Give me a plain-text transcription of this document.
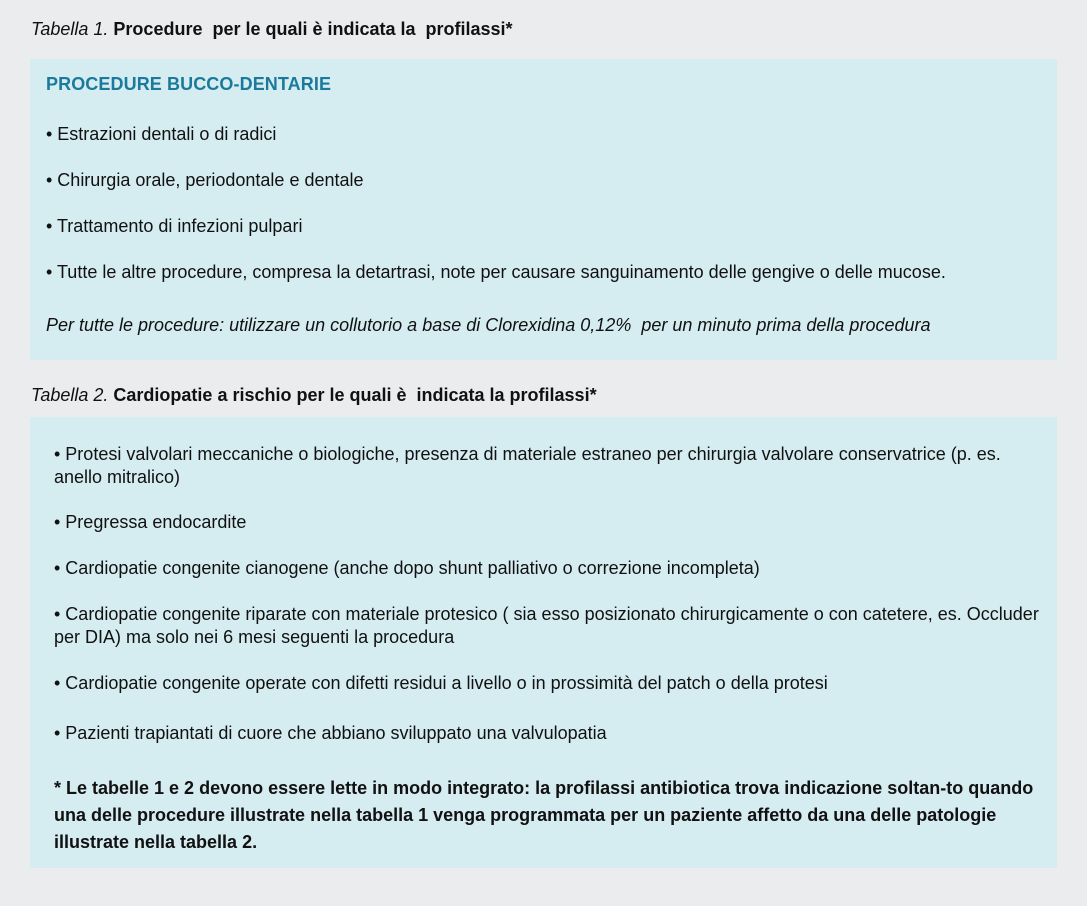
Tabella 1. Procedure  per le quali è indicata la  profilassi*
PROCEDURE BUCCO-DENTARIE
• Estrazioni dentali o di radici
• Chirurgia orale, periodontale e dentale
• Trattamento di infezioni pulpari
• Tutte le altre procedure, compresa la detartrasi, note per causare sanguinamento delle gengive o delle mucose.
Per tutte le procedure: utilizzare un collutorio a base di Clorexidina 0,12%  per un minuto prima della procedura
Tabella 2. Cardiopatie a rischio per le quali è  indicata la profilassi*
• Protesi valvolari meccaniche o biologiche, presenza di materiale estraneo per chirurgia valvolare conservatrice (p. es. anello mitralico)
• Pregressa endocardite
• Cardiopatie congenite cianogene (anche dopo shunt palliativo o correzione incompleta)
• Cardiopatie congenite riparate con materiale protesico ( sia esso posizionato chirurgicamente o con catetere, es. Occluder per DIA) ma solo nei 6 mesi seguenti la procedura
• Cardiopatie congenite operate con difetti residui a livello o in prossimità del patch o della protesi
• Pazienti trapiantati di cuore che abbiano sviluppato una valvulopatia
* Le tabelle 1 e 2 devono essere lette in modo integrato: la profilassi antibiotica trova indicazione soltan-to quando una delle procedure illustrate nella tabella 1 venga programmata per un paziente affetto da una delle patologie illustrate nella tabella 2.
